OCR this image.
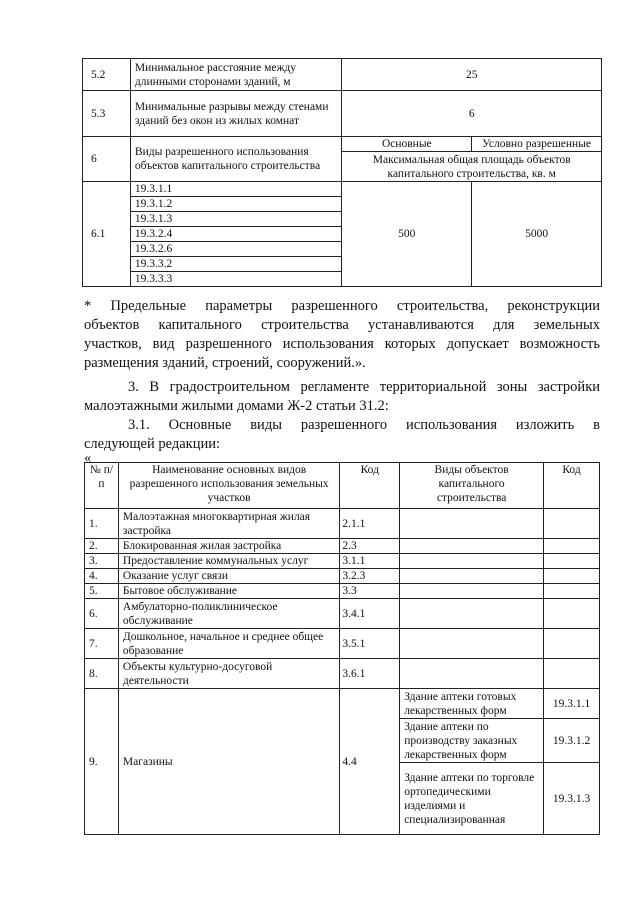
5.2	Минимальное расстояние между длинными сторонами зданий, м	25	
5.3	Минимальные разрывы между стенами зданий без окон из жилых комнат	6	
6	Виды разрешенного использования объектов капитального строительства	Основные	Условно разрешенные
		Максимальная общая площадь объектов капитального строительства, кв. м	
6.1	19.3.1.1	500	5000
	19.3.1.2		
	19.3.1.3		
	19.3.2.4		
	19.3.2.6		
	19.3.3.2		
	19.3.3.3		
* Предельные параметры разрешенного строительства, реконструкции
объектов капитального строительства устанавливаются для земельных
участков, вид разрешенного использования которых допускает возможность
размещения зданий, строений, сооружений.».
3. В градостроительном регламенте территориальной зоны застройки
малоэтажными жилыми домами Ж-2 статьи 31.2:
3.1. Основные виды разрешенного использования изложить в
следующей редакции:
«
№ п/п	Наименование основных видов разрешенного использования земельных участков	Код	Виды объектов капитального строительства	Код
1.	Малоэтажная многоквартирная жилая застройка	2.1.1		
2.	Блокированная жилая застройка	2.3		
3.	Предоставление коммунальных услуг	3.1.1		
4.	Оказание услуг связи	3.2.3		
5.	Бытовое обслуживание	3.3		
6.	Амбулаторно-поликлиническое обслуживание	3.4.1		
7.	Дошкольное, начальное и среднее общее образование	3.5.1		
8.	Объекты культурно-досуговой деятельности	3.6.1		
9.	Магазины	4.4	Здание аптеки готовых лекарственных форм	19.3.1.1
			Здание аптеки по производству заказных лекарственных форм	19.3.1.2
			Здание аптеки по торговле ортопедическими изделиями и специализированная	19.3.1.3
